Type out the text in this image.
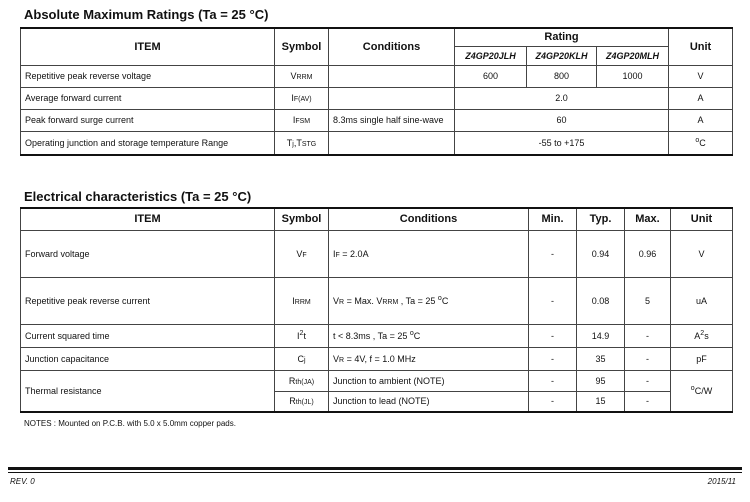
Absolute Maximum Ratings (Ta = 25 °C)
ITEM	Symbol	Conditions	Rating			Unit
			Z4GP20JLH	Z4GP20KLH	Z4GP20MLH	
Repetitive peak reverse voltage	VRRM		600	800	1000	V
Average forward current	IF(AV)		2.0			A
Peak forward surge current	IFSM	8.3ms single half sine-wave	60			A
Operating junction and storage temperature Range	Tj,TSTG		-55 to +175			$^o$C
Electrical characteristics (Ta = 25 °C)
ITEM	Symbol	Conditions	Min.	Typ.	Max.	Unit
Forward voltage	VF	IF = 2.0A	-	0.94	0.96	V
Repetitive peak reverse current	IRRM	VR = Max. VRRM , Ta = 25 $^o$C	-	0.08	5	uA
Current squared time	$I^2t$	t < 8.3ms , Ta = 25 $^o$C	-	14.9	-	$A^2s$
Junction capacitance	Cj	VR = 4V, f = 1.0 MHz	-	35	-	pF
Thermal resistance	Rth(JA)	Junction to ambient (NOTE)	-	95	-	$^o$C/W
	Rth(JL)	Junction to lead (NOTE)	-	15	-	
NOTES : Mounted on P.C.B. with 5.0 x 5.0mm copper pads.
REV. 0	2015/11
